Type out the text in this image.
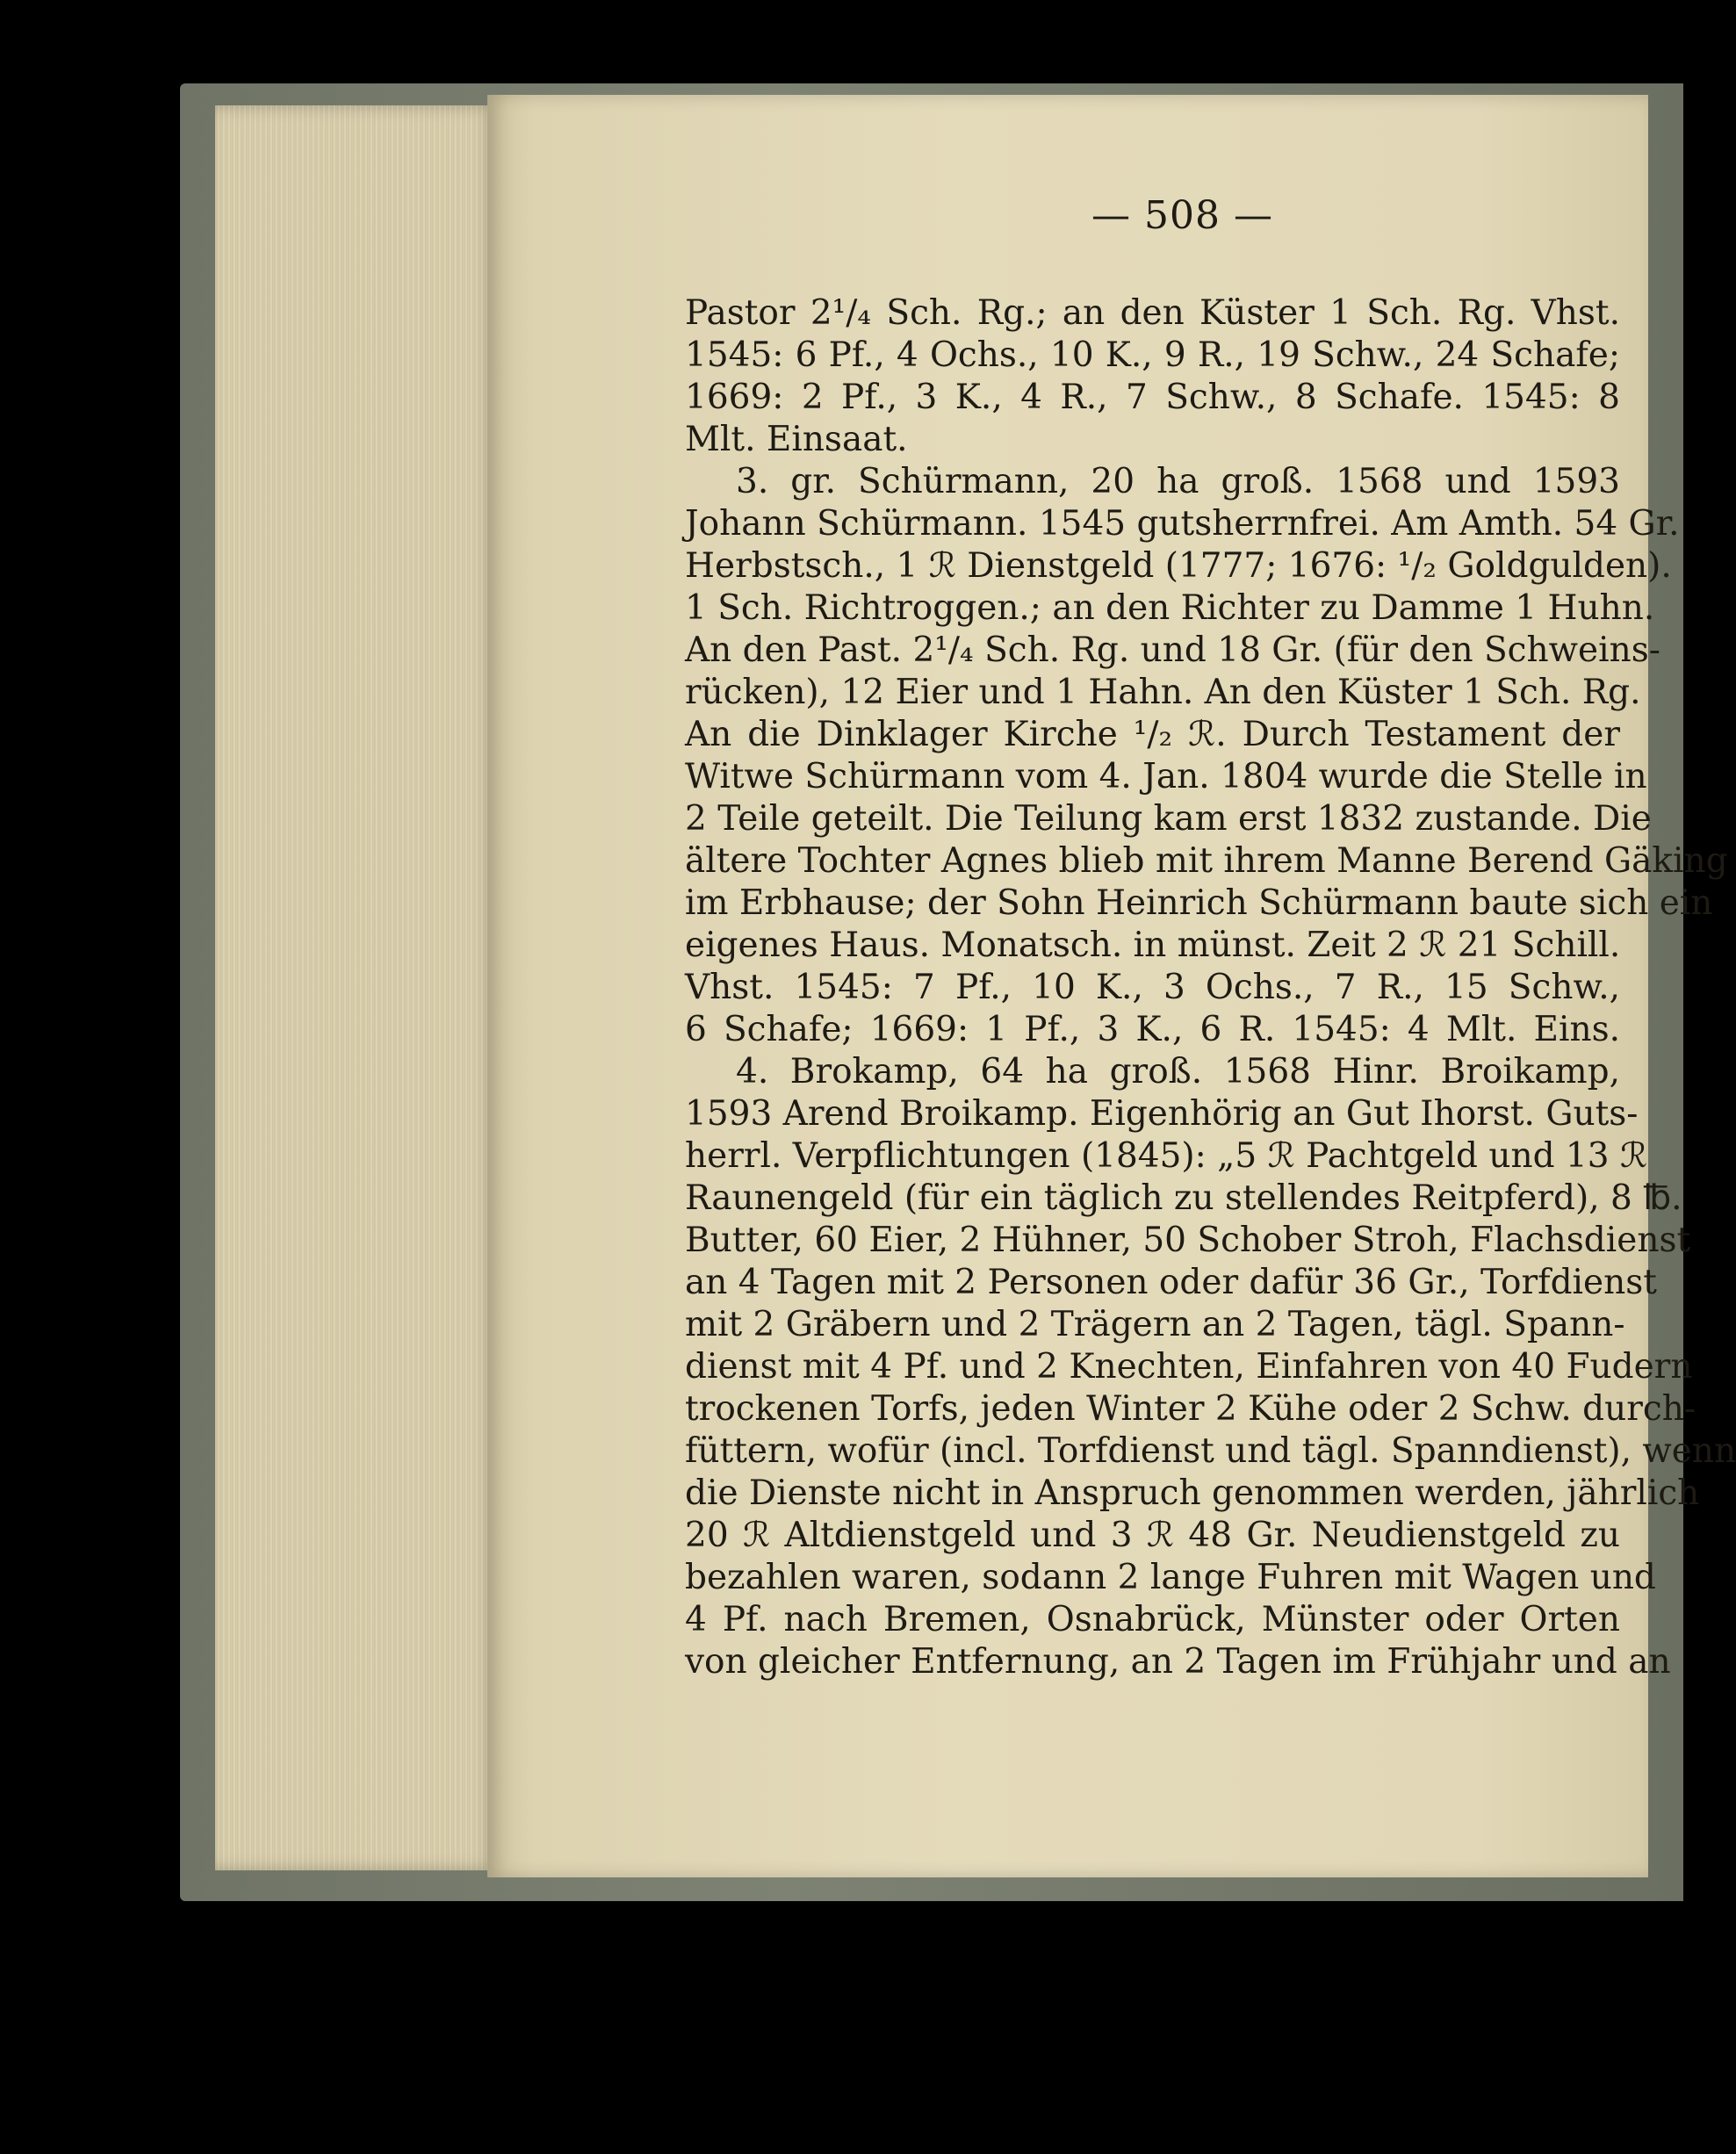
— 508 —
Pastor 2¹/₄ Sch. Rg.; an den Küster 1 Sch. Rg. Vhst.
1545: 6 Pf., 4 Ochs., 10 K., 9 R., 19 Schw., 24 Schafe;
1669: 2 Pf., 3 K., 4 R., 7 Schw., 8 Schafe. 1545: 8
Mlt. Einsaat.
3. gr. Schürmann, 20 ha groß. 1568 und 1593
Johann Schürmann. 1545 gutsherrnfrei. Am Amth. 54 Gr.
Herbstsch., 1 ℛ Dienstgeld (1777; 1676: ¹/₂ Goldgulden).
1 Sch. Richtroggen.; an den Richter zu Damme 1 Huhn.
An den Past. 2¹/₄ Sch. Rg. und 18 Gr. (für den Schweins-
rücken), 12 Eier und 1 Hahn. An den Küster 1 Sch. Rg.
An die Dinklager Kirche ¹/₂ ℛ. Durch Testament der
Witwe Schürmann vom 4. Jan. 1804 wurde die Stelle in
2 Teile geteilt. Die Teilung kam erst 1832 zustande. Die
ältere Tochter Agnes blieb mit ihrem Manne Berend Gäking
im Erbhause; der Sohn Heinrich Schürmann baute sich ein
eigenes Haus. Monatsch. in münst. Zeit 2 ℛ 21 Schill.
Vhst. 1545: 7 Pf., 10 K., 3 Ochs., 7 R., 15 Schw.,
6 Schafe; 1669: 1 Pf., 3 K., 6 R. 1545: 4 Mlt. Eins.
4. Brokamp, 64 ha groß. 1568 Hinr. Broikamp,
1593 Arend Broikamp. Eigenhörig an Gut Ihorst. Guts-
herrl. Verpflichtungen (1845): „5 ℛ Pachtgeld und 13 ℛ
Raunengeld (für ein täglich zu stellendes Reitpferd), 8 ℔.
Butter, 60 Eier, 2 Hühner, 50 Schober Stroh, Flachsdienst
an 4 Tagen mit 2 Personen oder dafür 36 Gr., Torfdienst
mit 2 Gräbern und 2 Trägern an 2 Tagen, tägl. Spann-
dienst mit 4 Pf. und 2 Knechten, Einfahren von 40 Fudern
trockenen Torfs, jeden Winter 2 Kühe oder 2 Schw. durch-
füttern, wofür (incl. Torfdienst und tägl. Spanndienst), wenn
die Dienste nicht in Anspruch genommen werden, jährlich
20 ℛ Altdienstgeld und 3 ℛ 48 Gr. Neudienstgeld zu
bezahlen waren, sodann 2 lange Fuhren mit Wagen und
4 Pf. nach Bremen, Osnabrück, Münster oder Orten
von gleicher Entfernung, an 2 Tagen im Frühjahr und an
